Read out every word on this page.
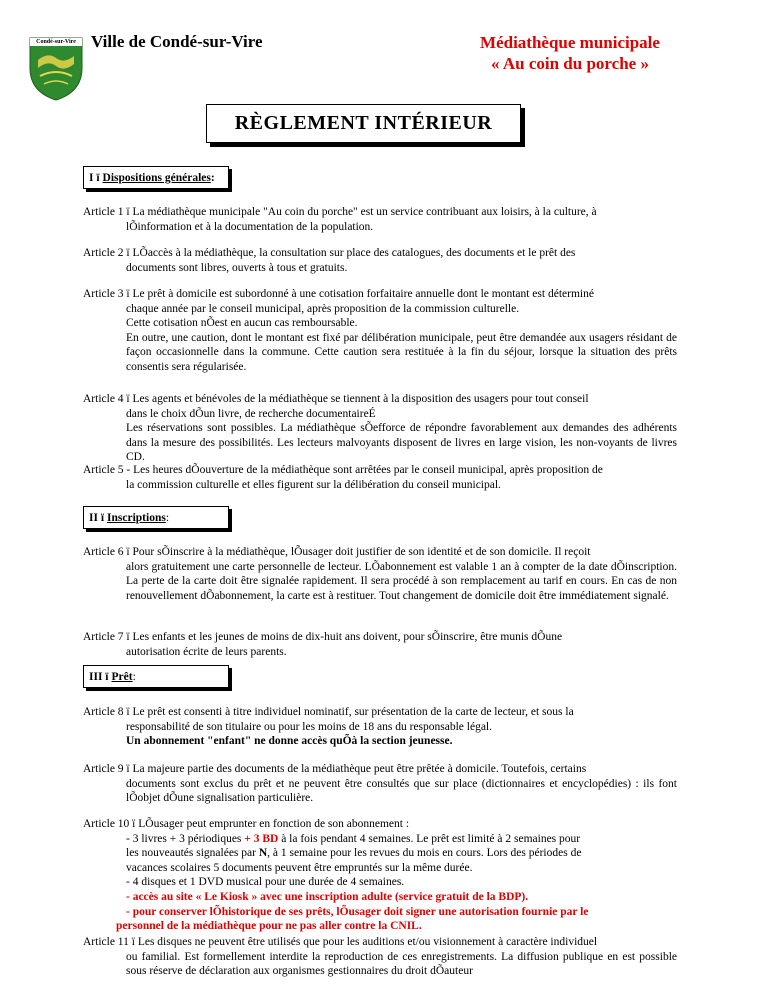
Condé-sur-Vire Ville de Condé-sur-Vire	Médiathèque municipale
« Au coin du porche »
RÈGLEMENT INTÉRIEUR
I ï Dispositions générales :
Article 1 ï La médiathèque municipale "Au coin du porche" est un service contribuant aux loisirs, à la culture, à
lÕinformation et à la documentation de la population.
Article 2 ï LÕaccès à la médiathèque, la consultation sur place des catalogues, des documents et le prêt des
documents sont libres, ouverts à tous et gratuits.
Article 3 ï Le prêt à domicile est subordonné à une cotisation forfaitaire annuelle dont le montant est déterminé
chaque année par le conseil municipal, après proposition de la commission culturelle.
Cette cotisation nÕest en aucun cas remboursable.
En outre, une caution, dont le montant est fixé par délibération municipale, peut être demandée aux usagers résidant de façon occasionnelle dans la commune. Cette caution sera restituée à la fin du séjour, lorsque la situation des prêts consentis sera régularisée.
Article 4 ï Les agents et bénévoles de la médiathèque se tiennent à la disposition des usagers pour tout conseil
dans le choix dÕun livre, de recherche documentaireÉ
Les réservations sont possibles. La médiathèque sÕefforce de répondre favorablement aux demandes des adhérents dans la mesure des possibilités. Les lecteurs malvoyants disposent de livres en large vision, les non-voyants de livres CD.
Article 5 - Les heures dÕouverture de la médiathèque sont arrêtées par le conseil municipal, après proposition de
la commission culturelle et elles figurent sur la délibération du conseil municipal.
II ï Inscriptions :
Article 6 ï Pour sÕinscrire à la médiathèque, lÕusager doit justifier de son identité et de son domicile. Il reçoit
alors gratuitement une carte personnelle de lecteur. LÕabonnement est valable 1 an à compter de la date dÕinscription. La perte de la carte doit être signalée rapidement. Il sera procédé à son remplacement au tarif en cours. En cas de non renouvellement dÕabonnement, la carte est à restituer. Tout changement de domicile doit être immédiatement signalé.
Article 7 ï Les enfants et les jeunes de moins de dix-huit ans doivent, pour sÕinscrire, être munis dÕune
autorisation écrite de leurs parents.
III ï Prêt :
Article 8 ï Le prêt est consenti à titre individuel nominatif, sur présentation de la carte de lecteur, et sous la
responsabilité de son titulaire ou pour les moins de 18 ans du responsable légal.
Un abonnement "enfant" ne donne accès quÕà la section jeunesse.
Article 9 ï La majeure partie des documents de la médiathèque peut être prêtée à domicile. Toutefois, certains
documents sont exclus du prêt et ne peuvent être consultés que sur place (dictionnaires et encyclopédies) : ils font lÕobjet dÕune signalisation particulière.
Article 10 ï LÕusager peut emprunter en fonction de son abonnement :
- 3 livres + 3 périodiques + 3 BD à la fois pendant 4 semaines. Le prêt est limité à 2 semaines pour
les nouveautés signalées par N, à 1 semaine pour les revues du mois en cours. Lors des périodes de
vacances scolaires 5 documents peuvent être empruntés sur la même durée.
- 4 disques et 1 DVD musical pour une durée de 4 semaines.
- accès au site « Le Kiosk » avec une inscription adulte (service gratuit de la BDP).
- pour conserver lÕhistorique de ses prêts, lÕusager doit signer une autorisation fournie par le
personnel de la médiathèque pour ne pas aller contre la CNIL.
Article 11 ï Les disques ne peuvent être utilisés que pour les auditions et/ou visionnement à caractère individuel
ou familial. Est formellement interdite la reproduction de ces enregistrements. La diffusion publique en est possible sous réserve de déclaration aux organismes gestionnaires du droit dÕauteur
